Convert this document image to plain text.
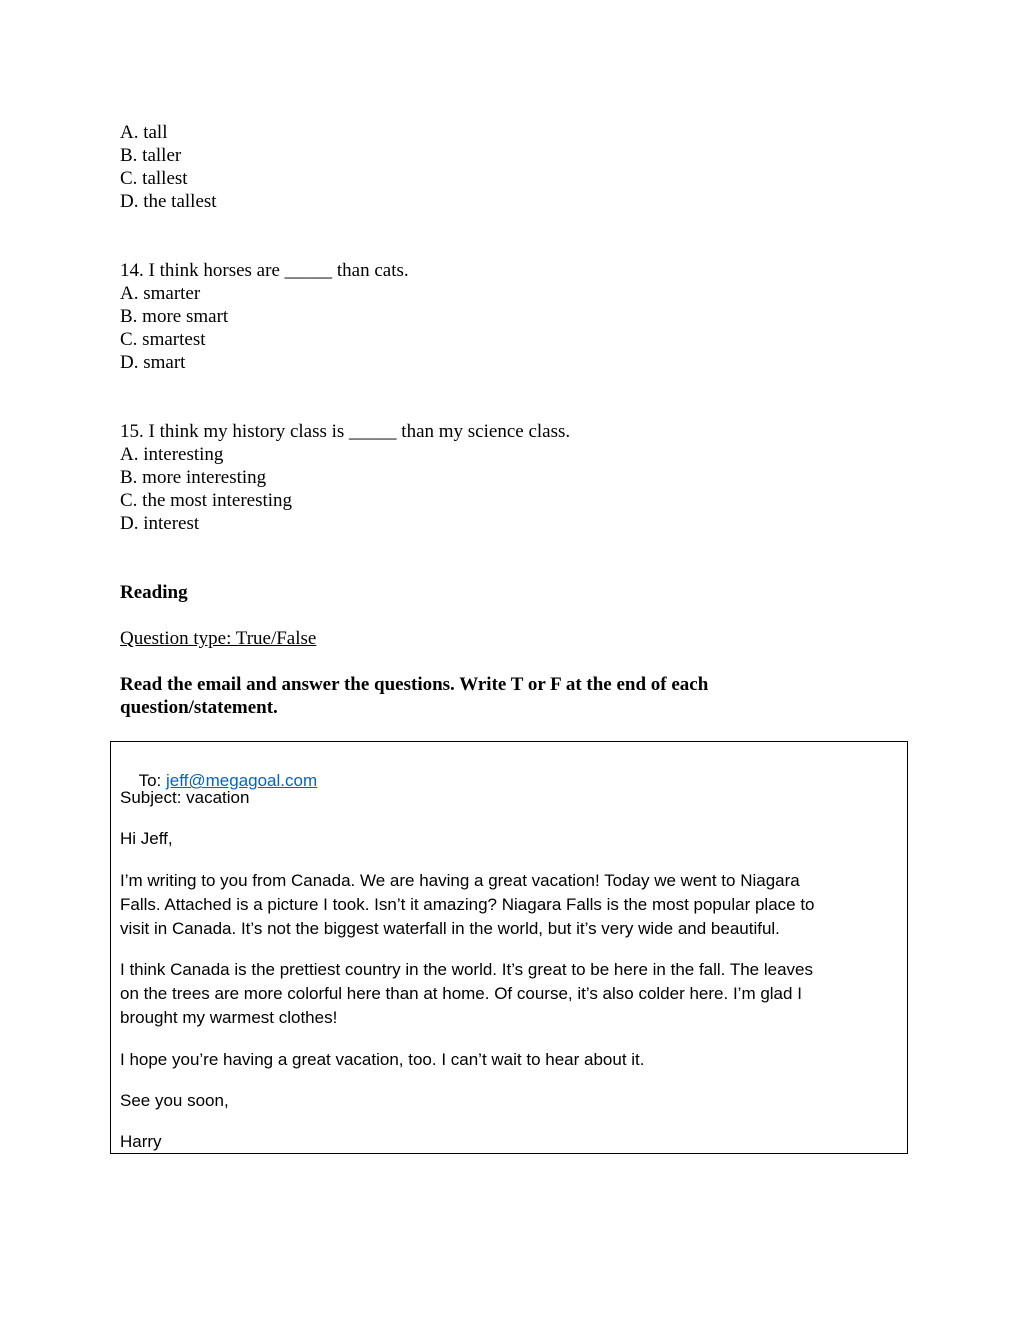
A. tall
B. taller
C. tallest
D. the tallest
14. I think horses are _____ than cats.
A. smarter
B. more smart
C. smartest
D. smart
15. I think my history class is _____ than my science class.
A. interesting
B. more interesting
C. the most interesting
D. interest
Reading
Question type: True/False
Read the email and answer the questions. Write T or F at the end of each
question/statement.

To: jeff@megagoal.com

Subject: vacation
Hi Jeff,
I’m writing to you from Canada. We are having a great vacation! Today we went to Niagara
Falls. Attached is a picture I took. Isn’t it amazing? Niagara Falls is the most popular place to
visit in Canada. It’s not the biggest waterfall in the world, but it’s very wide and beautiful.
I think Canada is the prettiest country in the world. It’s great to be here in the fall. The leaves
on the trees are more colorful here than at home. Of course, it’s also colder here. I’m glad I
brought my warmest clothes!
I hope you’re having a great vacation, too. I can’t wait to hear about it.
See you soon,
Harry
